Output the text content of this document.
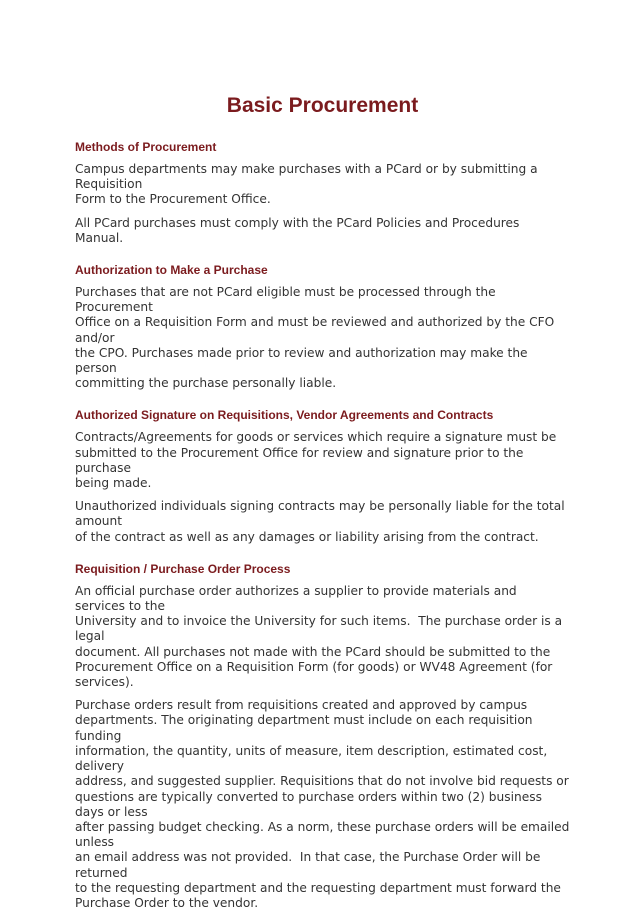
Basic Procurement
Methods of Procurement

Campus departments may make purchases with a PCard or by submitting a Requisition
Form to the Procurement Office.

All PCard purchases must comply with the PCard Policies and Procedures Manual.

Authorization to Make a Purchase

Purchases that are not PCard eligible must be processed through the Procurement
Office on a Requisition Form and must be reviewed and authorized by the CFO and/or
the CPO. Purchases made prior to review and authorization may make the person
committing the purchase personally liable.

Authorized Signature on Requisitions, Vendor Agreements and Contracts

Contracts/Agreements for goods or services which require a signature must be
submitted to the Procurement Office for review and signature prior to the purchase
being made.

Unauthorized individuals signing contracts may be personally liable for the total amount
of the contract as well as any damages or liability arising from the contract.

Requisition / Purchase Order Process

An official purchase order authorizes a supplier to provide materials and services to the
University and to invoice the University for such items.  The purchase order is a legal
document. All purchases not made with the PCard should be submitted to the
Procurement Office on a Requisition Form (for goods) or WV48 Agreement (for services).

Purchase orders result from requisitions created and approved by campus
departments. The originating department must include on each requisition funding
information, the quantity, units of measure, item description, estimated cost, delivery
address, and suggested supplier. Requisitions that do not involve bid requests or
questions are typically converted to purchase orders within two (2) business days or less
after passing budget checking. As a norm, these purchase orders will be emailed unless
an email address was not provided.  In that case, the Purchase Order will be returned
to the requesting department and the requesting department must forward the
Purchase Order to the vendor.
